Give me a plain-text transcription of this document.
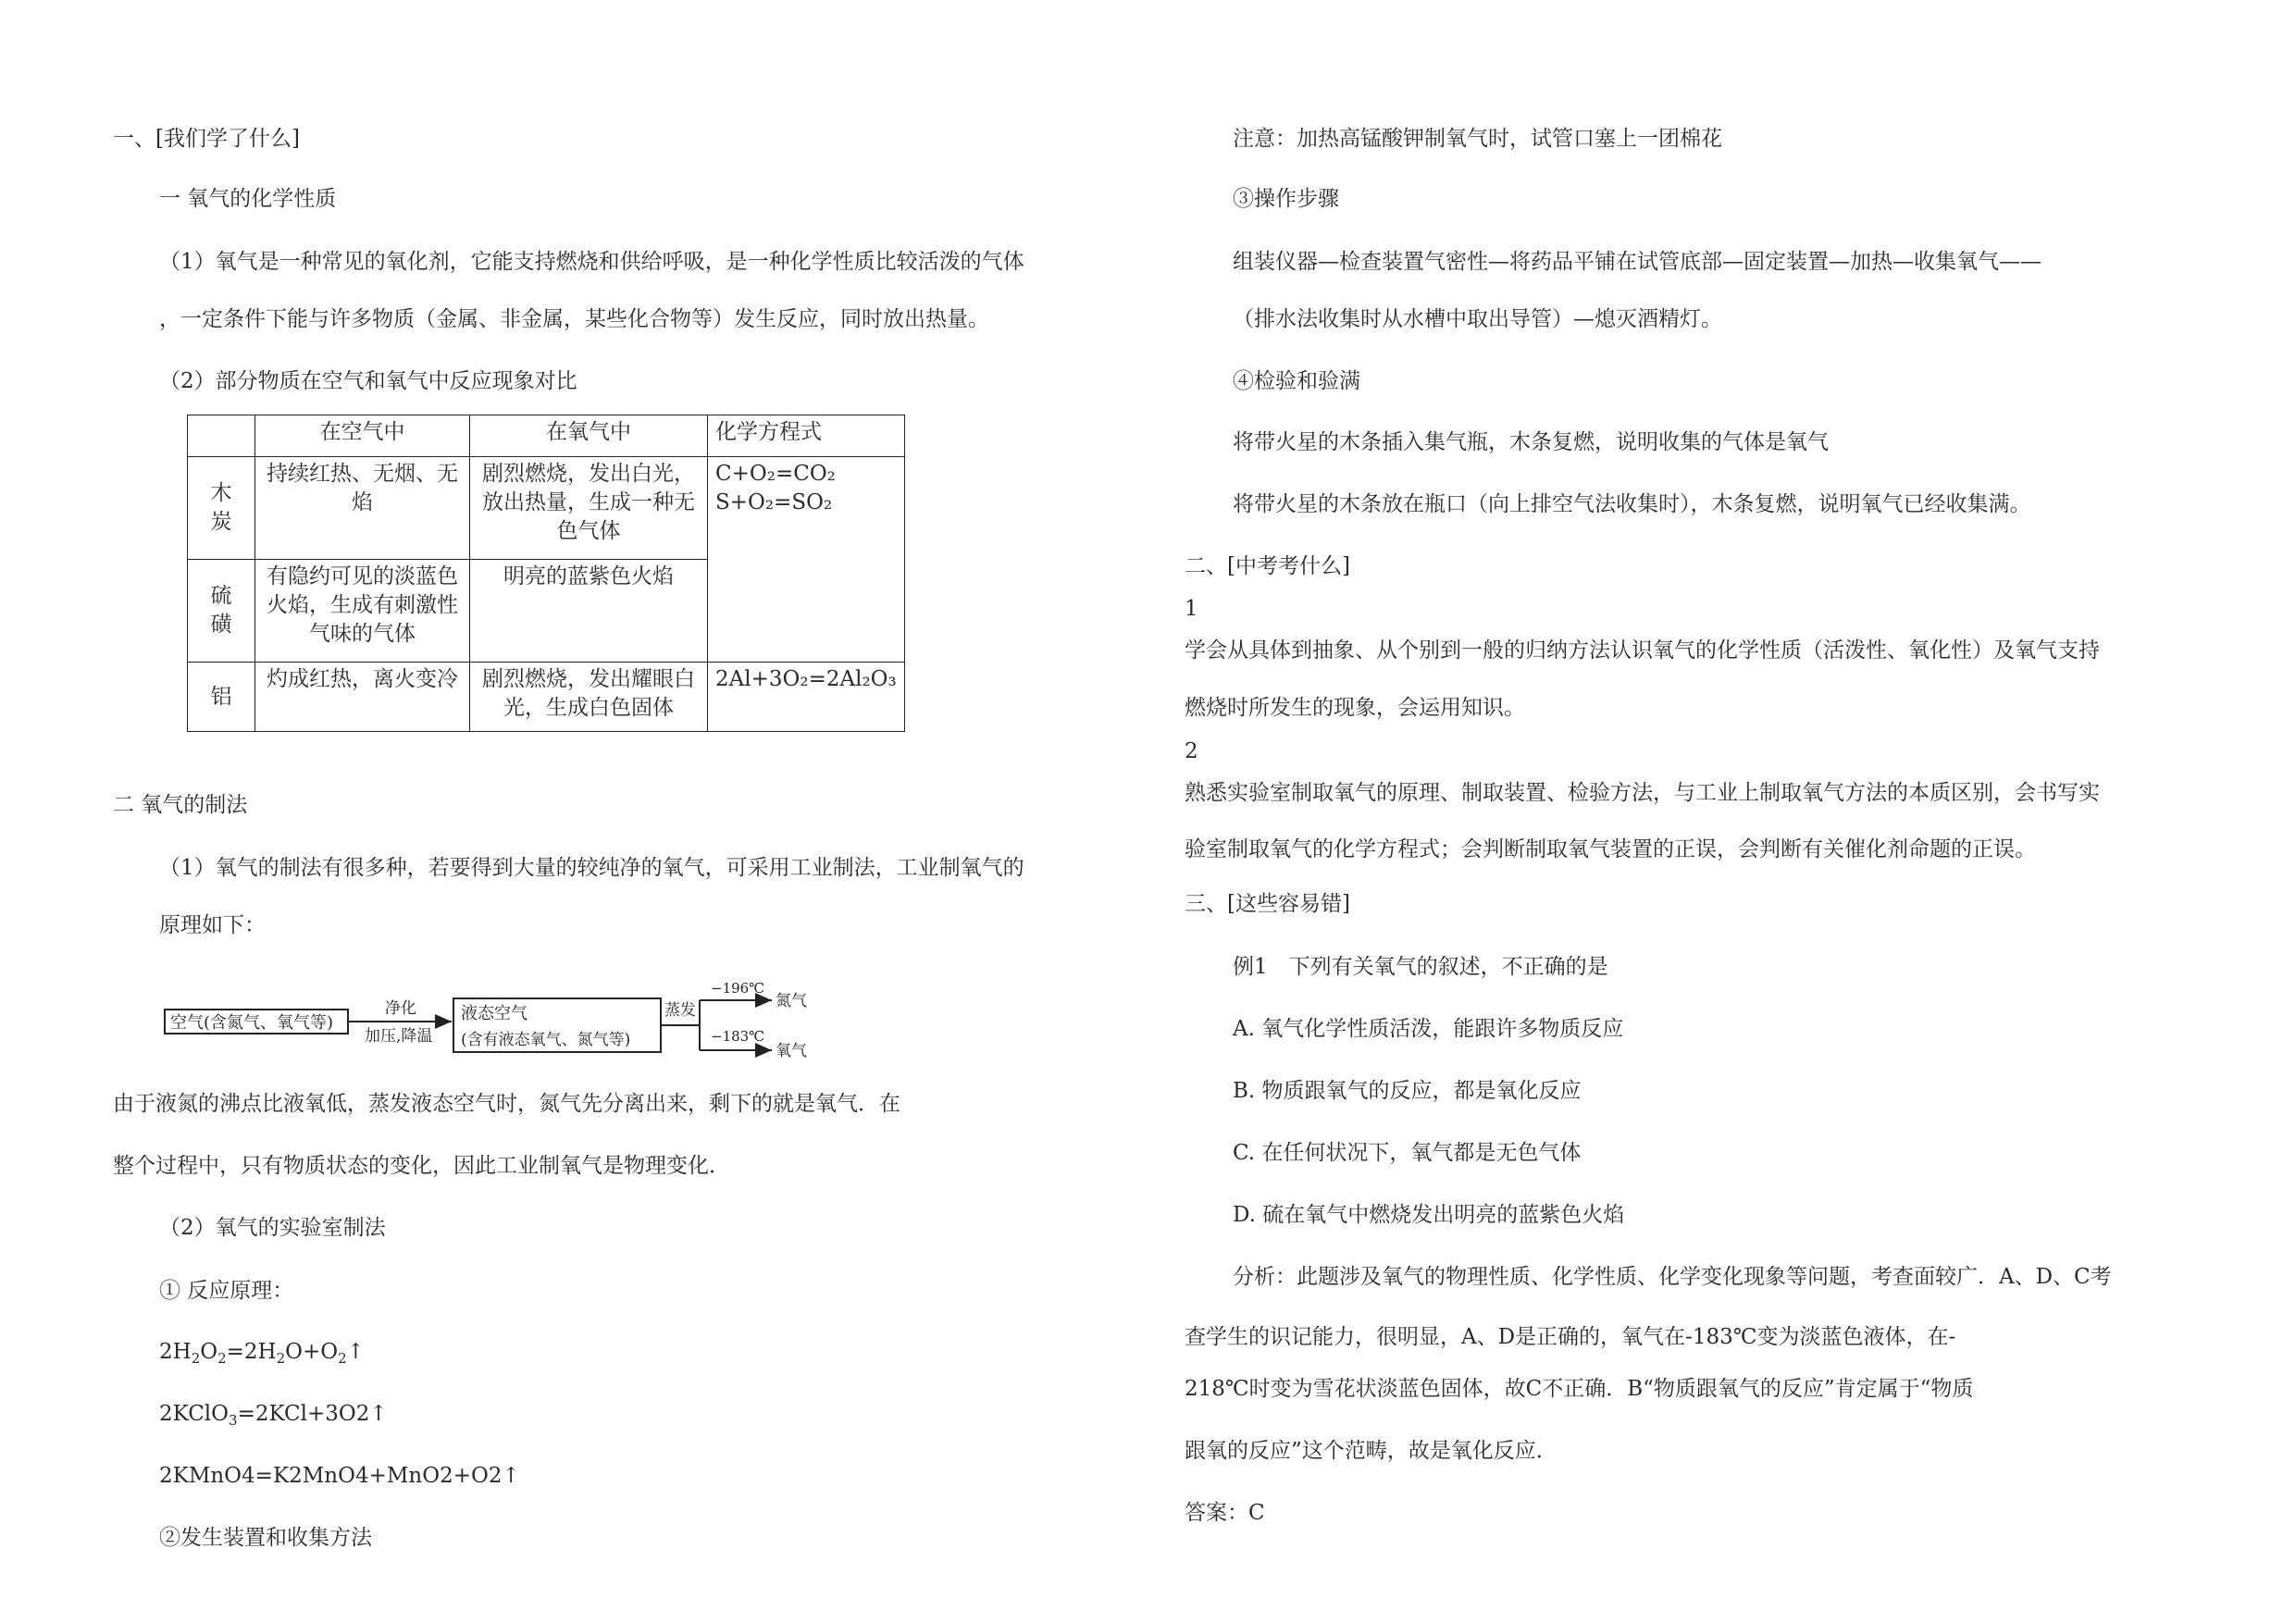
一、[我们学了什么]
一 氧气的化学性质
（1）氧气是一种常见的氧化剂，它能支持燃烧和供给呼吸，是一种化学性质比较活泼的气体
，一定条件下能与许多物质（金属、非金属，某些化合物等）发生反应，同时放出热量。
（2）部分物质在空气和氧气中反应现象对比
	在空气中	在氧气中	化学方程式

木炭	持续红热、无烟、无焰	剧烈燃烧，发出白光，放出热量，生成一种无色气体	C+O₂=CO₂
S+O₂=SO₂

硫磺	有隐约可见的淡蓝色火焰，生成有刺激性气味的气体	明亮的蓝紫色火焰	
铝	灼成红热，离火变冷	剧烈燃烧，发出耀眼白光，生成白色固体	2Al+3O₂=2Al₂O₃
二 氧气的制法
（1）氧气的制法有很多种，若要得到大量的较纯净的氧气，可采用工业制法，工业制氧气的
原理如下：
空气(含氮气、氧气等)
净化
加压,降温
液态空气
(含有液态氧气、氮气等)
蒸发
−196℃
−183℃
氮气
氧气
由于液氮的沸点比液氧低，蒸发液态空气时，氮气先分离出来，剩下的就是氧气．在
整个过程中，只有物质状态的变化，因此工业制氧气是物理变化．
（2）氧气的实验室制法
① 反应原理：
$2H_2O_2=2H_2O+O_2↑$
2KClO$_3$=2KCl+3O2↑
2KMnO4=K2MnO4+MnO2+O2↑
②发生装置和收集方法
注意：加热高锰酸钾制氧气时，试管口塞上一团棉花
③操作步骤
组装仪器—检查装置气密性—将药品平铺在试管底部—固定装置—加热—收集氧气——
（排水法收集时从水槽中取出导管）—熄灭酒精灯。
④检验和验满
将带火星的木条插入集气瓶，木条复燃，说明收集的气体是氧气
将带火星的木条放在瓶口（向上排空气法收集时），木条复燃，说明氧气已经收集满。
二、[中考考什么]
1
学会从具体到抽象、从个别到一般的归纳方法认识氧气的化学性质（活泼性、氧化性）及氧气支持
燃烧时所发生的现象，会运用知识。
2
熟悉实验室制取氧气的原理、制取装置、检验方法，与工业上制取氧气方法的本质区别，会书写实
验室制取氧气的化学方程式；会判断制取氧气装置的正误，会判断有关催化剂命题的正误。
三、[这些容易错]
例1　下列有关氧气的叙述，不正确的是
A. 氧气化学性质活泼，能跟许多物质反应
B. 物质跟氧气的反应，都是氧化反应
C. 在任何状况下，氧气都是无色气体
D. 硫在氧气中燃烧发出明亮的蓝紫色火焰
分析：此题涉及氧气的物理性质、化学性质、化学变化现象等问题，考查面较广．A、D、C考
查学生的识记能力，很明显，A、D是正确的，氧气在-183℃变为淡蓝色液体，在-
218℃时变为雪花状淡蓝色固体，故C不正确．B“物质跟氧气的反应”肯定属于“物质
跟氧的反应”这个范畴，故是氧化反应．
答案：C
